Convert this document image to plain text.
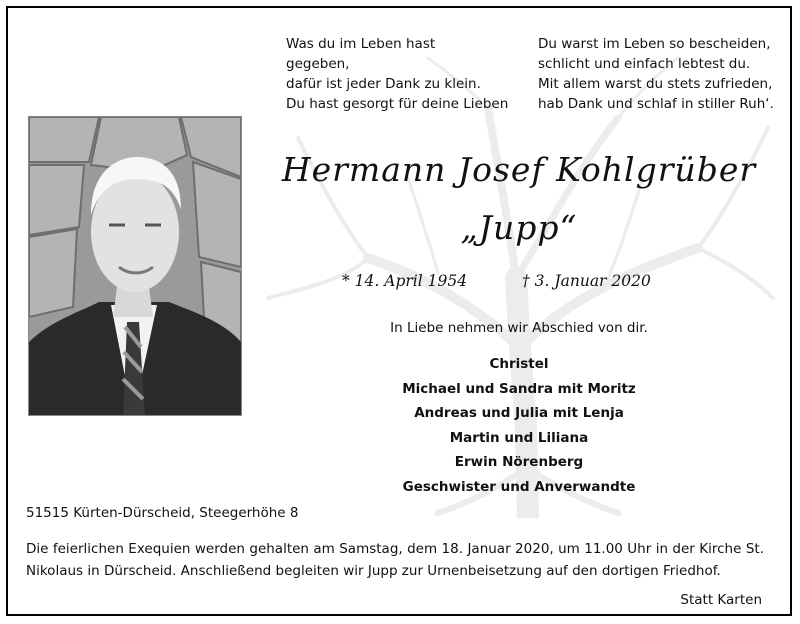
Was du im Leben hast
gegeben,
dafür ist jeder Dank zu klein.
Du hast gesorgt für deine Lieben
Du warst im Leben so bescheiden,
schlicht und einfach lebtest du.
Mit allem warst du stets zufrieden,
hab Dank und schlaf in stiller Ruh‘.
Hermann Josef Kohlgrüber
„Jupp“
* 14. April 1954	† 3. Januar 2020
In Liebe nehmen wir Abschied von dir.
Christel
Michael und Sandra mit Moritz
Andreas und Julia mit Lenja
Martin und Liliana
Erwin Nörenberg
Geschwister und Anverwandte
51515 Kürten-Dürscheid, Steegerhöhe 8
Die feierlichen Exequien werden gehalten am Samstag, dem 18. Januar 2020, um 11.00 Uhr in der Kirche St. Nikolaus in Dürscheid. Anschließend begleiten wir Jupp zur Urnenbeisetzung auf den dortigen Friedhof.
Statt Karten
